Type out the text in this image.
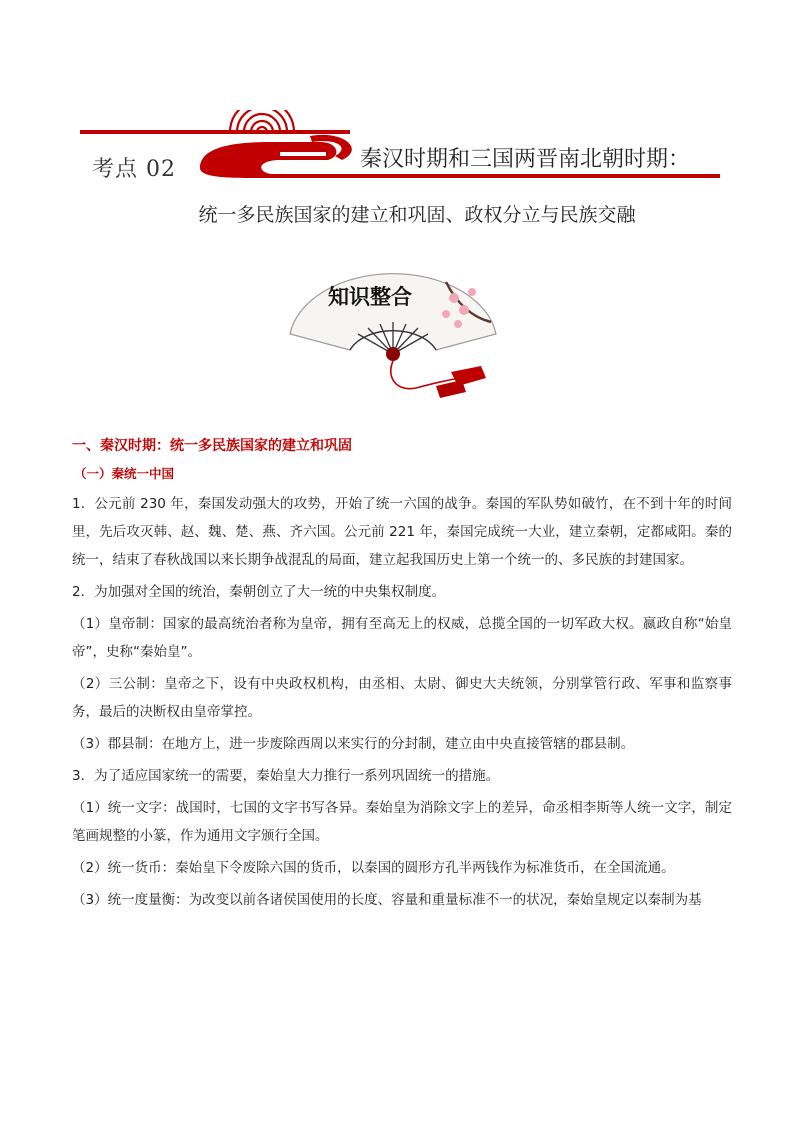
考点 02	秦汉时期和三国两晋南北朝时期：
统一多民族国家的建立和巩固、政权分立与民族交融
知识整合

一、秦汉时期：统一多民族国家的建立和巩固

（一）秦统一中国

1．公元前 230 年，秦国发动强大的攻势，开始了统一六国的战争。秦国的军队势如破竹，在不到十年的时间里，先后攻灭韩、赵、魏、楚、燕、齐六国。公元前 221 年，秦国完成统一大业，建立秦朝，定都咸阳。秦的统一，结束了春秋战国以来长期争战混乱的局面，建立起我国历史上第一个统一的、多民族的封建国家。

2．为加强对全国的统治，秦朝创立了大一统的中央集权制度。

（1）皇帝制：国家的最高统治者称为皇帝，拥有至高无上的权威，总揽全国的一切军政大权。嬴政自称“始皇帝”，史称“秦始皇”。

（2）三公制：皇帝之下，设有中央政权机构，由丞相、太尉、御史大夫统领，分别掌管行政、军事和监察事务，最后的决断权由皇帝掌控。

（3）郡县制：在地方上，进一步废除西周以来实行的分封制，建立由中央直接管辖的郡县制。

3．为了适应国家统一的需要，秦始皇大力推行一系列巩固统一的措施。

（1）统一文字：战国时，七国的文字书写各异。秦始皇为消除文字上的差异，命丞相李斯等人统一文字，制定笔画规整的小篆，作为通用文字颁行全国。

（2）统一货币：秦始皇下令废除六国的货币，以秦国的圆形方孔半两钱作为标准货币，在全国流通。

（3）统一度量衡：为改变以前各诸侯国使用的长度、容量和重量标准不一的状况，秦始皇规定以秦制为基
